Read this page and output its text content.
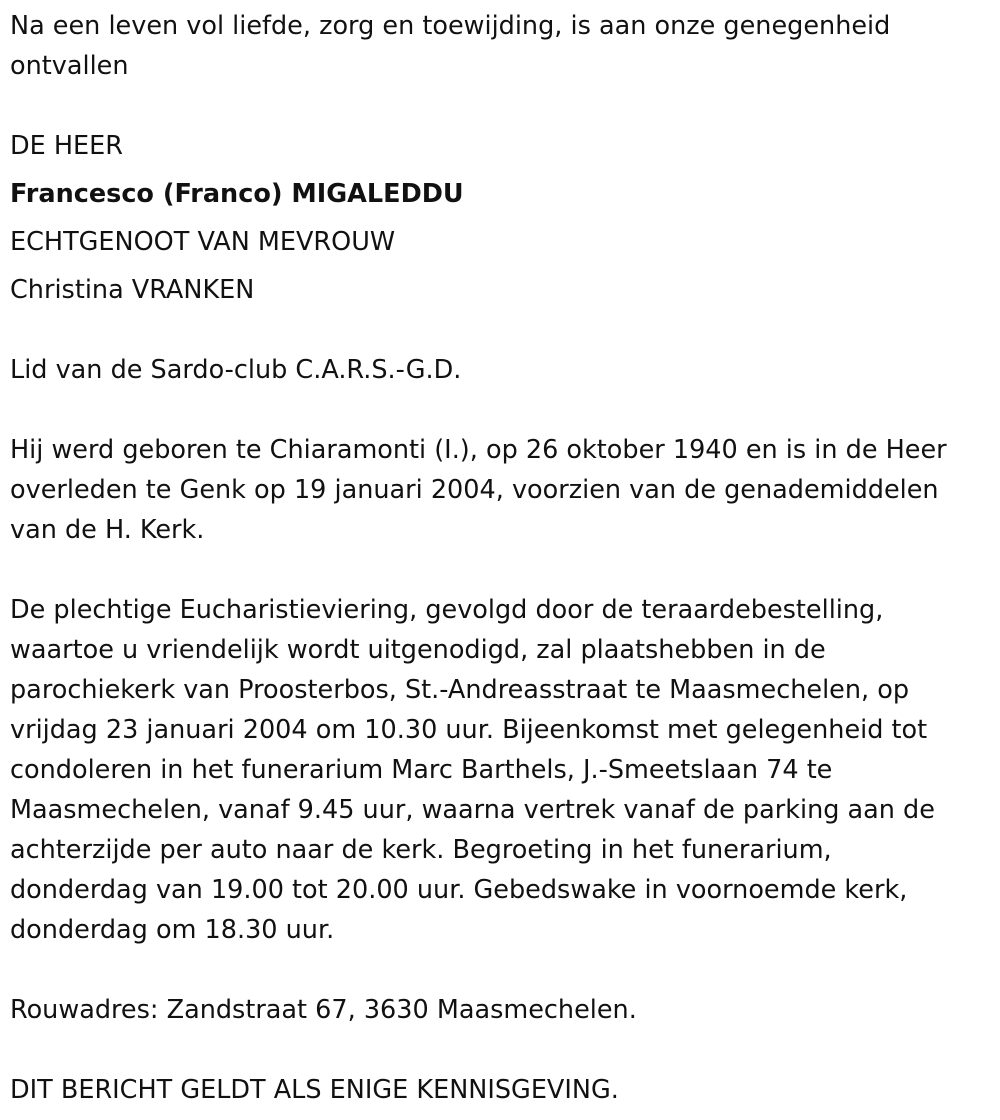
Na een leven vol liefde, zorg en toewijding, is aan onze genegenheid

ontvallen

DE HEER

Francesco (Franco) MIGALEDDU

ECHTGENOOT VAN MEVROUW

Christina VRANKEN

Lid van de Sardo-club C.A.R.S.-G.D.

Hij werd geboren te Chiaramonti (I.), op 26 oktober 1940 en is in de Heer

overleden te Genk op 19 januari 2004, voorzien van de genademiddelen

van de H. Kerk.

De plechtige Eucharistieviering, gevolgd door de teraardebestelling,

waartoe u vriendelijk wordt uitgenodigd, zal plaatshebben in de

parochiekerk van Proosterbos, St.-Andreasstraat te Maasmechelen, op

vrijdag 23 januari 2004 om 10.30 uur. Bijeenkomst met gelegenheid tot

condoleren in het funerarium Marc Barthels, J.-Smeetslaan 74 te

Maasmechelen, vanaf 9.45 uur, waarna vertrek vanaf de parking aan de

achterzijde per auto naar de kerk. Begroeting in het funerarium,

donderdag van 19.00 tot 20.00 uur. Gebedswake in voornoemde kerk,

donderdag om 18.30 uur.

Rouwadres: Zandstraat 67, 3630 Maasmechelen.

DIT BERICHT GELDT ALS ENIGE KENNISGEVING.
